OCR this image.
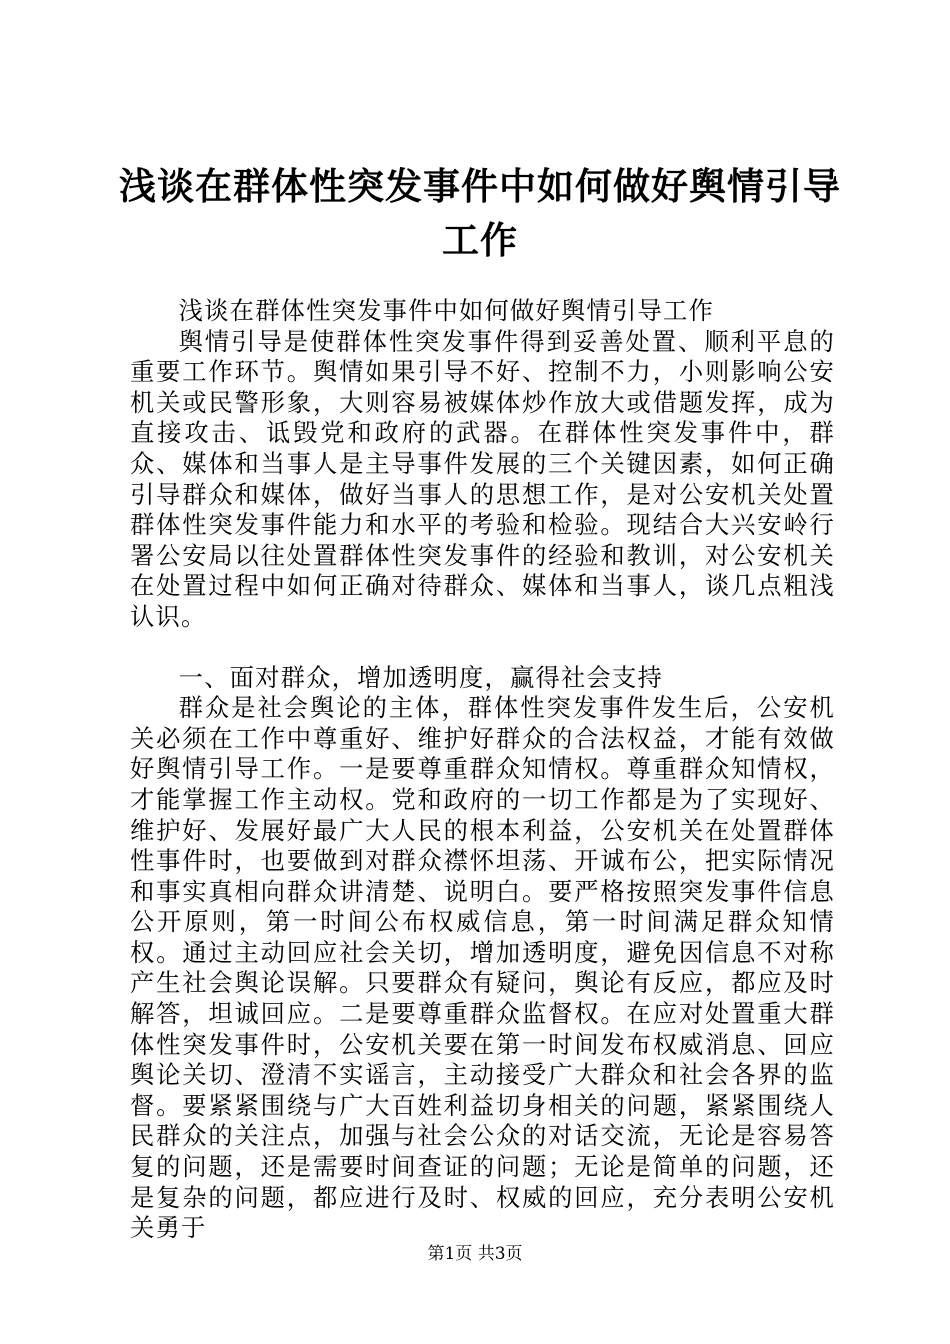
浅谈在群体性突发事件中如何做好舆情引导工作

浅谈在群体性突发事件中如何做好舆情引导工作

舆情引导是使群体性突发事件得到妥善处置、顺利平息的重要工作环节。舆情如果引导不好、控制不力，小则影响公安机关或民警形象，大则容易被媒体炒作放大或借题发挥，成为直接攻击、诋毁党和政府的武器。在群体性突发事件中，群众、媒体和当事人是主导事件发展的三个关键因素，如何正确引导群众和媒体，做好当事人的思想工作，是对公安机关处置群体性突发事件能力和水平的考验和检验。现结合大兴安岭行署公安局以往处置群体性突发事件的经验和教训，对公安机关在处置过程中如何正确对待群众、媒体和当事人，谈几点粗浅认识。

一、面对群众，增加透明度，赢得社会支持

群众是社会舆论的主体，群体性突发事件发生后，公安机关必须在工作中尊重好、维护好群众的合法权益，才能有效做好舆情引导工作。一是要尊重群众知情权。尊重群众知情权，才能掌握工作主动权。党和政府的一切工作都是为了实现好、维护好、发展好最广大人民的根本利益，公安机关在处置群体性事件时，也要做到对群众襟怀坦荡、开诚布公，把实际情况和事实真相向群众讲清楚、说明白。要严格按照突发事件信息公开原则，第一时间公布权威信息，第一时间满足群众知情权。通过主动回应社会关切，增加透明度，避免因信息不对称产生社会舆论误解。只要群众有疑问，舆论有反应，都应及时解答，坦诚回应。二是要尊重群众监督权。在应对处置重大群体性突发事件时，公安机关要在第一时间发布权威消息、回应舆论关切、澄清不实谣言，主动接受广大群众和社会各界的监督。要紧紧围绕与广大百姓利益切身相关的问题，紧紧围绕人民群众的关注点，加强与社会公众的对话交流，无论是容易答复的问题，还是需要时间查证的问题；无论是简单的问题，还是复杂的问题，都应进行及时、权威的回应，充分表明公安机关勇于

第1页 共3页
